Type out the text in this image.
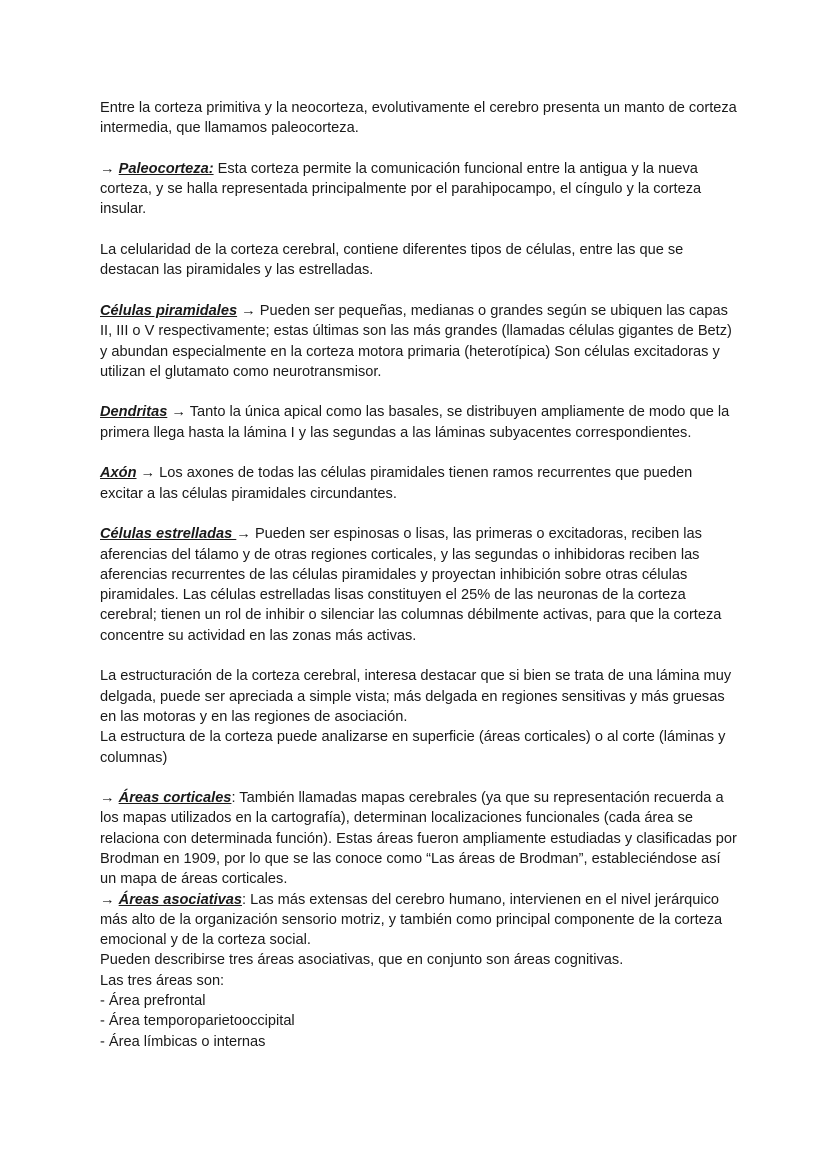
Entre la corteza primitiva y la neocorteza, evolutivamente el cerebro presenta un manto de corteza intermedia, que llamamos paleocorteza.

→ Paleocorteza: Esta corteza permite la comunicación funcional entre la antigua y la nueva corteza, y se halla representada principalmente por el parahipocampo, el cíngulo y la corteza insular.

La celularidad de la corteza cerebral, contiene diferentes tipos de células, entre las que se destacan las piramidales y las estrelladas.

Células piramidales → Pueden ser pequeñas, medianas o grandes según se ubiquen las capas II, III o V respectivamente; estas últimas son las más grandes (llamadas células gigantes de Betz) y abundan especialmente en la corteza motora primaria (heterotípica) Son células excitadoras y utilizan el glutamato como neurotransmisor.

Dendritas → Tanto la única apical como las basales, se distribuyen ampliamente de modo que la primera llega hasta la lámina I y las segundas a las láminas subyacentes correspondientes.

Axón → Los axones de todas las células piramidales tienen ramos recurrentes que pueden excitar a las células piramidales circundantes.

Células estrelladas → Pueden ser espinosas o lisas, las primeras o excitadoras, reciben las aferencias del tálamo y de otras regiones corticales, y las segundas o inhibidoras reciben las aferencias recurrentes de las células piramidales y proyectan inhibición sobre otras células piramidales. Las células estrelladas lisas constituyen el 25% de las neuronas de la corteza cerebral; tienen un rol de inhibir o silenciar las columnas débilmente activas, para que la corteza concentre su actividad en las zonas más activas.

La estructuración de la corteza cerebral, interesa destacar que si bien se trata de una lámina muy delgada, puede ser apreciada a simple vista; más delgada en regiones sensitivas y más gruesas en las motoras y en las regiones de asociación.

La estructura de la corteza puede analizarse en superficie (áreas corticales) o al corte (láminas y columnas)

→ Áreas corticales: También llamadas mapas cerebrales (ya que su representación recuerda a los mapas utilizados en la cartografía), determinan localizaciones funcionales (cada área se relaciona con determinada función). Estas áreas fueron ampliamente estudiadas y clasificadas por Brodman en 1909, por lo que se las conoce como “Las áreas de Brodman”, estableciéndose así un mapa de áreas corticales.

→ Áreas asociativas: Las más extensas del cerebro humano, intervienen en el nivel jerárquico más alto de la organización sensorio motriz, y también como principal componente de la corteza emocional y de la corteza social.

Pueden describirse tres áreas asociativas, que en conjunto son áreas cognitivas.

Las tres áreas son:

- Área prefrontal

- Área temporoparietooccipital

- Área límbicas o internas
